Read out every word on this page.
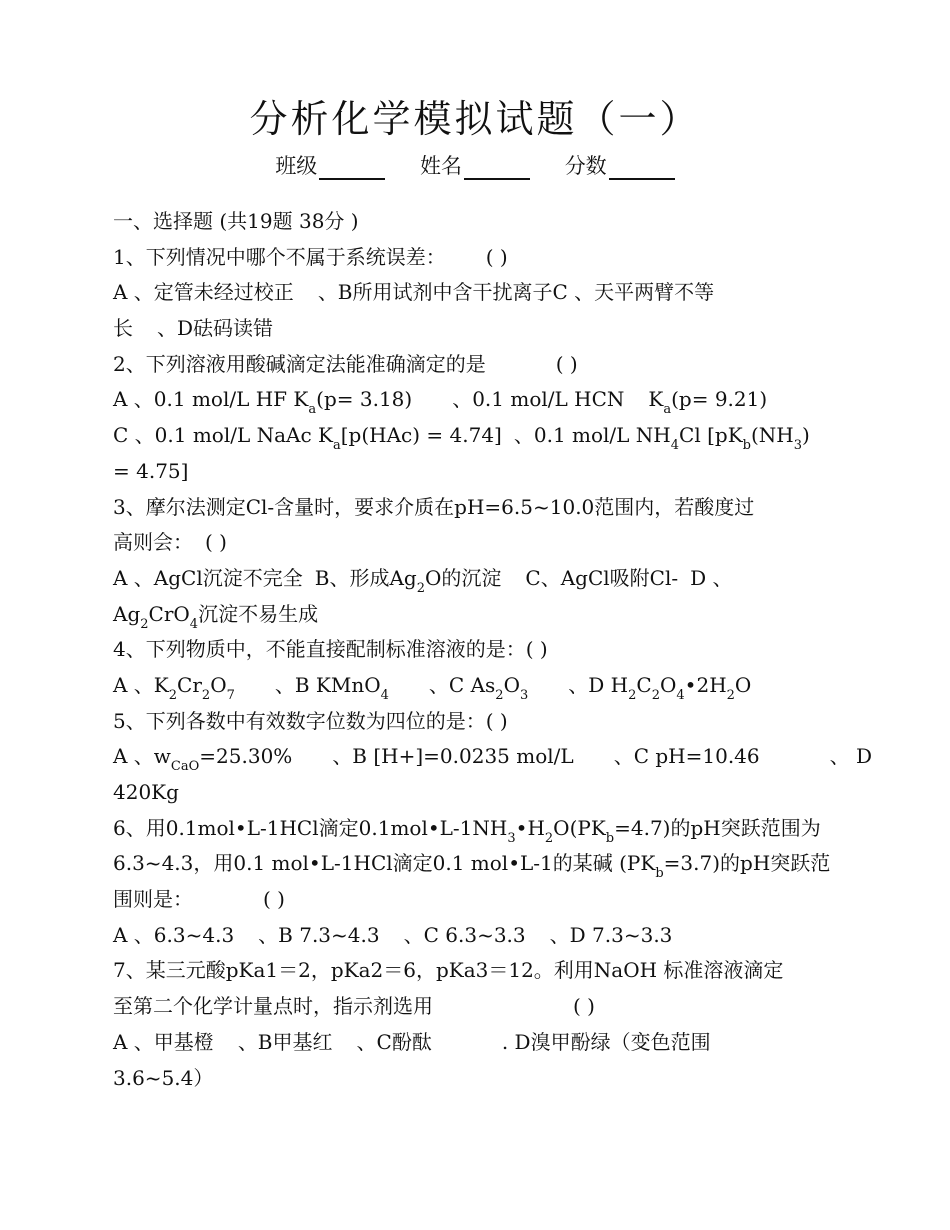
分析化学模拟试题（一）
班级	姓名	分数
一、选择题 (共19题 38分 )
1、下列情况中哪个不属于系统误差： ( )
A 、定管未经过校正 、B所用试剂中含干扰离子C 、天平两臂不等
长 、D砝码读错
2、下列溶液用酸碱滴定法能准确滴定的是	( )
A 、0.1 mol/L HF $K_a(p= 3.18)$ 、0.1 mol/L HCN $K_a(p= 9.21)$
C 、0.1 mol/L NaAc $K_a[p(HAc) = 4.74]$ 、0.1 mol/L $NH_4Cl$ [$pK_b(NH_3)$
= 4.75]
3、摩尔法测定Cl-含量时，要求介质在pH=6.5~10.0范围内，若酸度过
高则会： ( )
A 、AgCl沉淀不完全 B、形成$Ag_2O$的沉淀 C、AgCl吸附Cl- D 、
$Ag_2CrO_4$沉淀不易生成
4、下列物质中，不能直接配制标准溶液的是：( )
A 、$K_2Cr_2O_7$ 、B KMnO$_4$ 、C $As_2O_3$ 、D $H_2C_2O_4•2H_2O$
5、下列各数中有效数字位数为四位的是：( )
A 、$w_{CaO}=25.30\%$ 、B [H+]=0.0235 mol/L 、C pH=10.46	、 D
420Kg
6、用0.1mol•L-1HCl滴定$0.1mol•L-1NH_3•H_2O(PK_b=4.7)$的pH突跃范围为
6.3~4.3，用0.1 mol•L-1HCl滴定0.1 mol•L-1的某碱 $(PK_b=3.7)$的pH突跃范
围则是：	( )
A 、6.3~4.3 、B 7.3~4.3 、C 6.3~3.3 、D 7.3~3.3
7、某三元酸pKa1＝2，pKa2＝6，pKa3＝12。利用NaOH 标准溶液滴定
至第二个化学计量点时，指示剂选用	( )
A 、甲基橙 、B甲基红 、C酚酞	. D溴甲酚绿（变色范围
3.6~5.4）
